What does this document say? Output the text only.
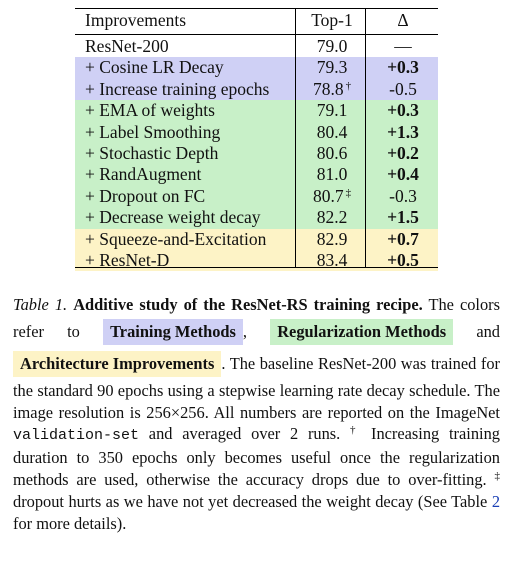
Improvements	Top-1	Δ
ResNet-200	79.0	—
+ Cosine LR Decay	79.3	+0.3
+ Increase training epochs	78.8 †	-0.5
+ EMA of weights	79.1	+0.3
+ Label Smoothing	80.4	+1.3
+ Stochastic Depth	80.6	+0.2
+ RandAugment	81.0	+0.4
+ Dropout on FC	80.7 ‡	-0.3
+ Decrease weight decay	82.2	+1.5
+ Squeeze-and-Excitation	82.9	+0.7
+ ResNet-D	83.4	+0.5

Table 1. Additive study of the ResNet-RS training recipe. The colors refer to Training Methods , Regularization Methods and Architecture Improvements . The baseline ResNet-200 was trained for the standard 90 epochs using a stepwise learning rate decay schedule. The image resolution is 256×256. All numbers are reported on the ImageNet validation-set and averaged over 2 runs. † Increasing training duration to 350 epochs only becomes useful once the regularization methods are used, otherwise the accuracy drops due to over-fitting. ‡ dropout hurts as we have not yet decreased the weight decay (See Table 2 for more details).
